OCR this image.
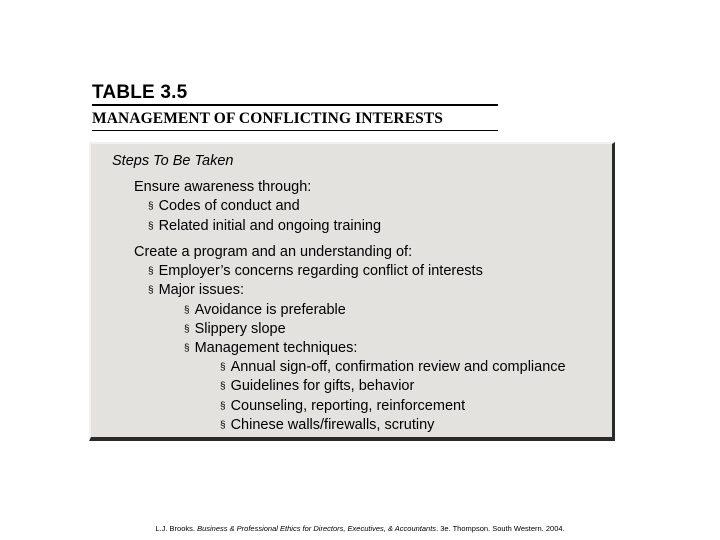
TABLE 3.5
MANAGEMENT OF CONFLICTING INTERESTS
Steps To Be Taken
Ensure awareness through:
§ Codes of conduct and
§ Related initial and ongoing training
Create a program and an understanding of:
§ Employer’s concerns regarding conflict of interests
§ Major issues:
§ Avoidance is preferable
§ Slippery slope
§ Management techniques:
§ Annual sign-off, confirmation review and compliance
§ Guidelines for gifts, behavior
§ Counseling, reporting, reinforcement
§ Chinese walls/firewalls, scrutiny
L.J. Brooks. Business & Professional Ethics for Directors, Executives, & Accountants. 3e. Thompson. South Western. 2004.
